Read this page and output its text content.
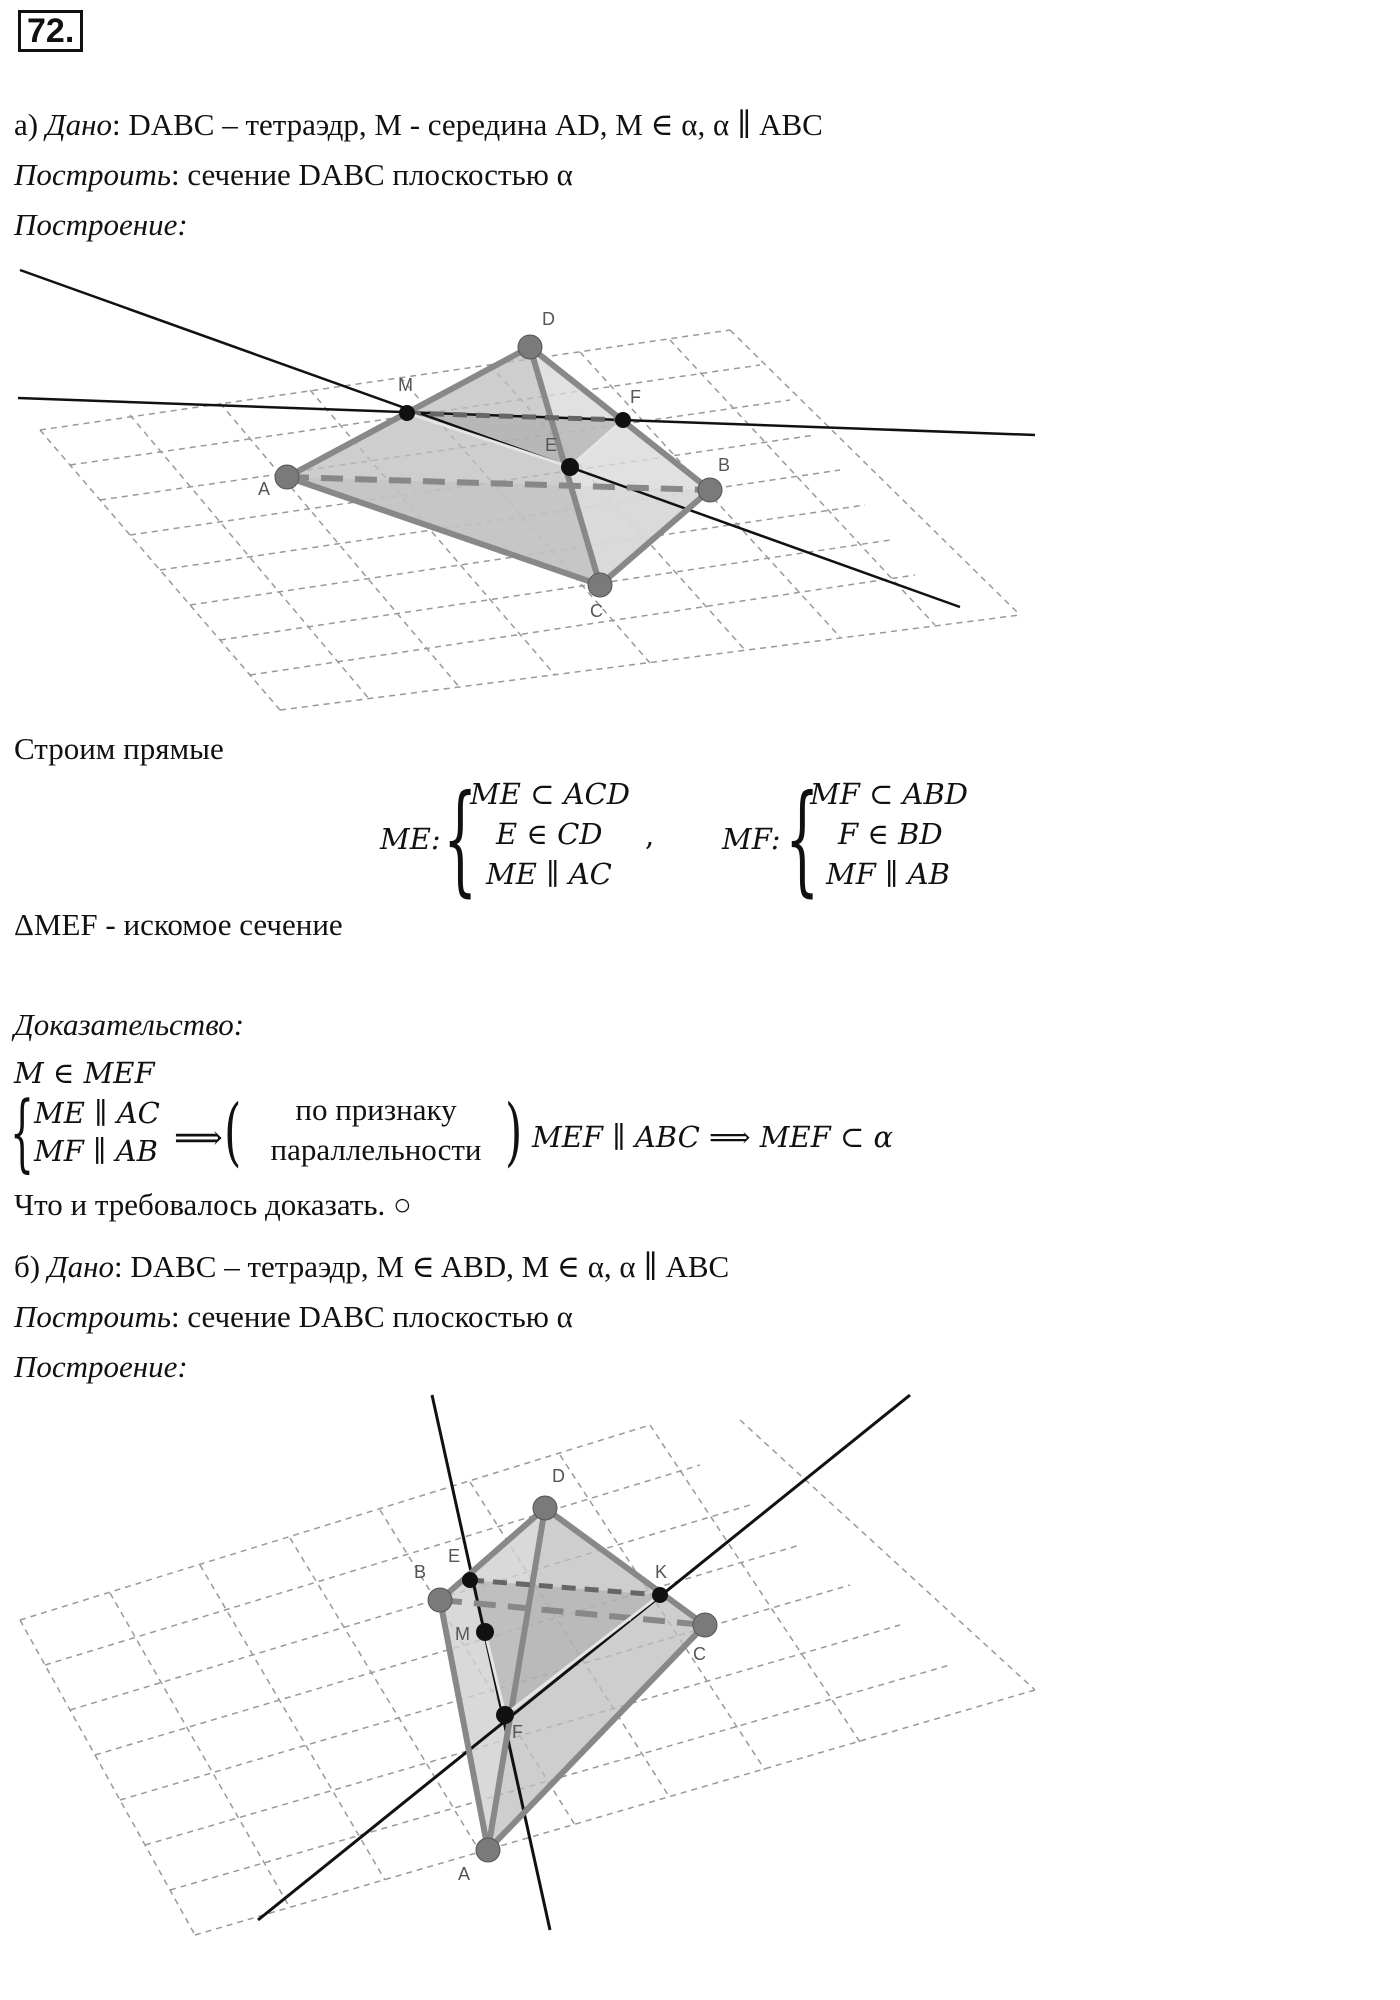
72.
а) Дано: DABC – тетраэдр, M - середина AD, M ∈ α, α ∥ ABC
Построить: сечение DABC плоскостью α
Построение:
D
M
F
E
A
B
C
Строим прямые
ME: {
ME ⊂ ACD
E ∈ CD
ME ∥ AC
, MF: {
MF ⊂ ABD
F ∈ BD
MF ∥ AB
ΔMEF - искомое сечение
Доказательство:
M ∈ MEF
{ ME ∥ AC
MF ∥ AB ⟹ (	по признаку
параллельности ) MEF ∥ ABC ⟹ MEF ⊂ α
Что и требовалось доказать. ○
б) Дано: DABC – тетраэдр, M ∈ ABD, M ∈ α, α ∥ ABC
Построить: сечение DABC плоскостью α
Построение:
D
E
B	K
M
C
F
A
